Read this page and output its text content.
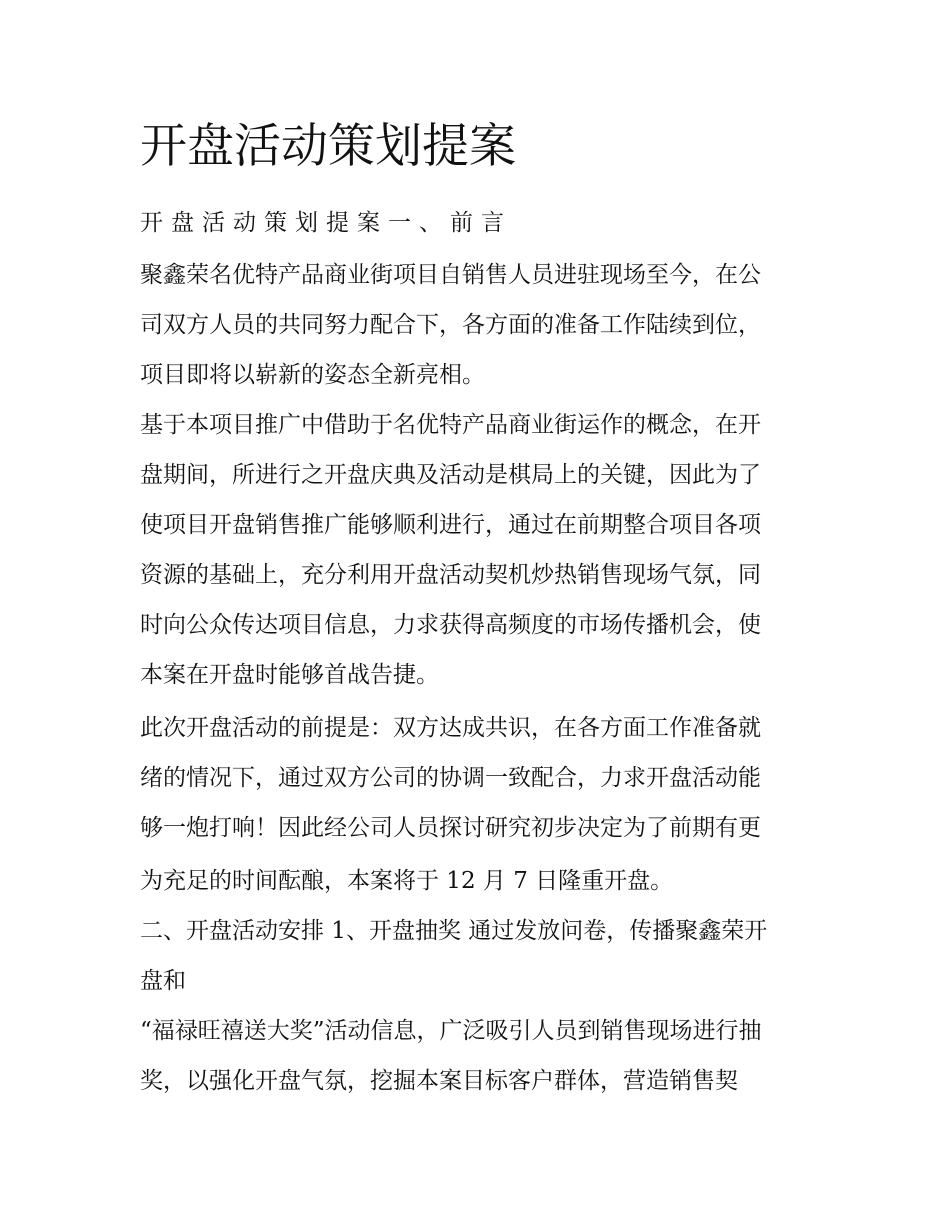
开盘活动策划提案
开盘活动策划提案一、前言
聚鑫荣名优特产品商业街项目自销售人员进驻现场至今，在公
司双方人员的共同努力配合下，各方面的准备工作陆续到位，
项目即将以崭新的姿态全新亮相。
基于本项目推广中借助于名优特产品商业街运作的概念，在开
盘期间，所进行之开盘庆典及活动是棋局上的关键，因此为了
使项目开盘销售推广能够顺利进行，通过在前期整合项目各项
资源的基础上，充分利用开盘活动契机炒热销售现场气氛，同
时向公众传达项目信息，力求获得高频度的市场传播机会，使
本案在开盘时能够首战告捷。
此次开盘活动的前提是：双方达成共识，在各方面工作准备就
绪的情况下，通过双方公司的协调一致配合，力求开盘活动能
够一炮打响！因此经公司人员探讨研究初步决定为了前期有更
为充足的时间酝酿，本案将于 12 月 7 日隆重开盘。
二、开盘活动安排 1、开盘抽奖 通过发放问卷，传播聚鑫荣开
盘和
“福禄旺禧送大奖”活动信息，广泛吸引人员到销售现场进行抽
奖，以强化开盘气氛，挖掘本案目标客户群体，营造销售契
